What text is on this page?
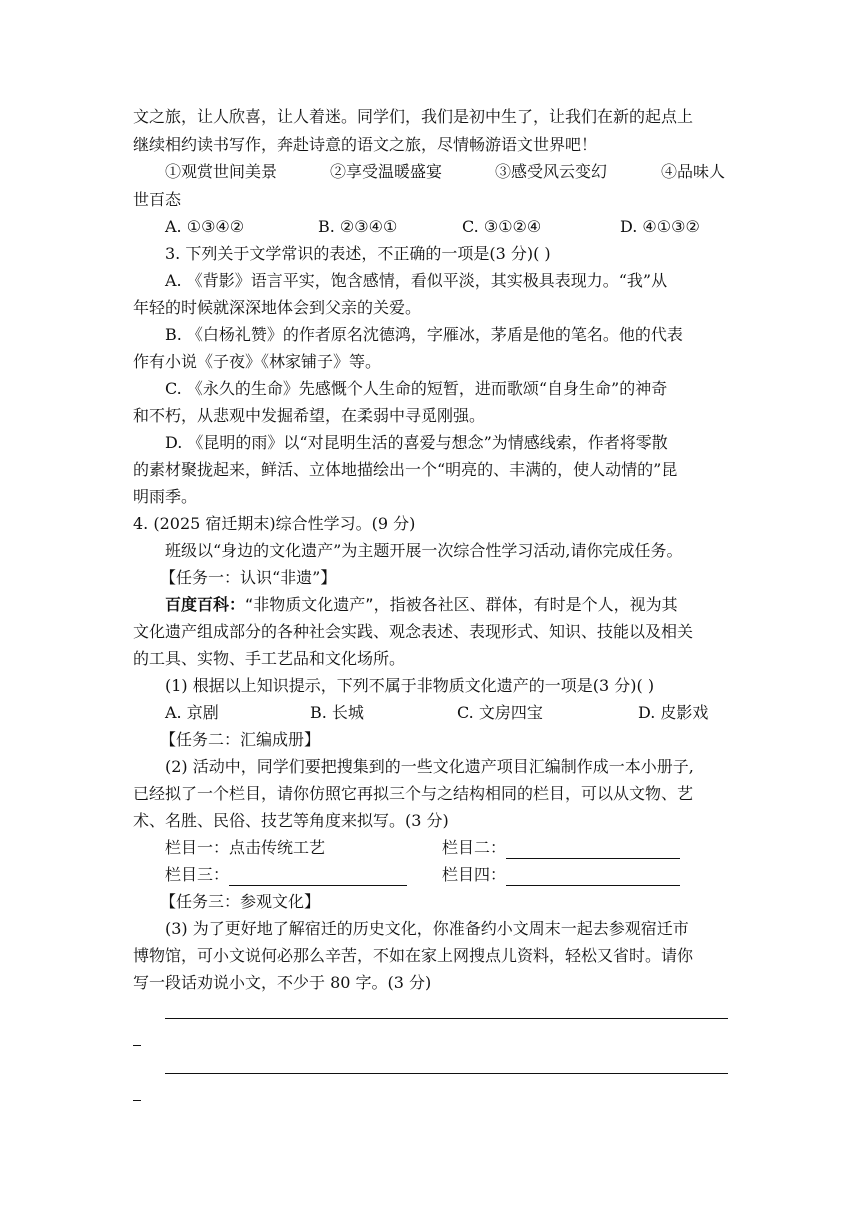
文之旅，让人欣喜，让人着迷。同学们，我们是初中生了，让我们在新的起点上
继续相约读书写作，奔赴诗意的语文之旅，尽情畅游语文世界吧！
①观赏世间美景	②享受温暖盛宴	③感受风云变幻	④品味人
世百态
A. ①③④②	B. ②③④①	C. ③①②④	D. ④①③②
3. 下列关于文学常识的表述，不正确的一项是(3 分)( )
A. 《背影》语言平实，饱含感情，看似平淡，其实极具表现力。“我”从
年轻的时候就深深地体会到父亲的关爱。
B. 《白杨礼赞》的作者原名沈德鸿，字雁冰，茅盾是他的笔名。他的代表
作有小说《子夜》《林家铺子》等。
C. 《永久的生命》先感慨个人生命的短暂，进而歌颂“自身生命”的神奇
和不朽，从悲观中发掘希望，在柔弱中寻觅刚强。
D. 《昆明的雨》以“对昆明生活的喜爱与想念”为情感线索，作者将零散
的素材聚拢起来，鲜活、立体地描绘出一个“明亮的、丰满的，使人动情的”昆
明雨季。
4. (2025 宿迁期末)综合性学习。(9 分)
班级以“身边的文化遗产”为主题开展一次综合性学习活动,请你完成任务。
【任务一：认识“非遗”】
百度百科：“非物质文化遗产”，指被各社区、群体，有时是个人，视为其
文化遗产组成部分的各种社会实践、观念表述、表现形式、知识、技能以及相关
的工具、实物、手工艺品和文化场所。
(1) 根据以上知识提示，下列不属于非物质文化遗产的一项是(3 分)( )
A. 京剧	B. 长城	C. 文房四宝	D. 皮影戏
【任务二：汇编成册】
(2) 活动中，同学们要把搜集到的一些文化遗产项目汇编制作成一本小册子,
已经拟了一个栏目，请你仿照它再拟三个与之结构相同的栏目，可以从文物、艺
术、名胜、民俗、技艺等角度来拟写。(3 分)
栏目一：点击传统工艺	栏目二：
栏目三：	栏目四：
【任务三：参观文化】
(3) 为了更好地了解宿迁的历史文化，你准备约小文周末一起去参观宿迁市
博物馆，可小文说何必那么辛苦，不如在家上网搜点儿资料，轻松又省时。请你
写一段话劝说小文，不少于 80 字。(3 分)
